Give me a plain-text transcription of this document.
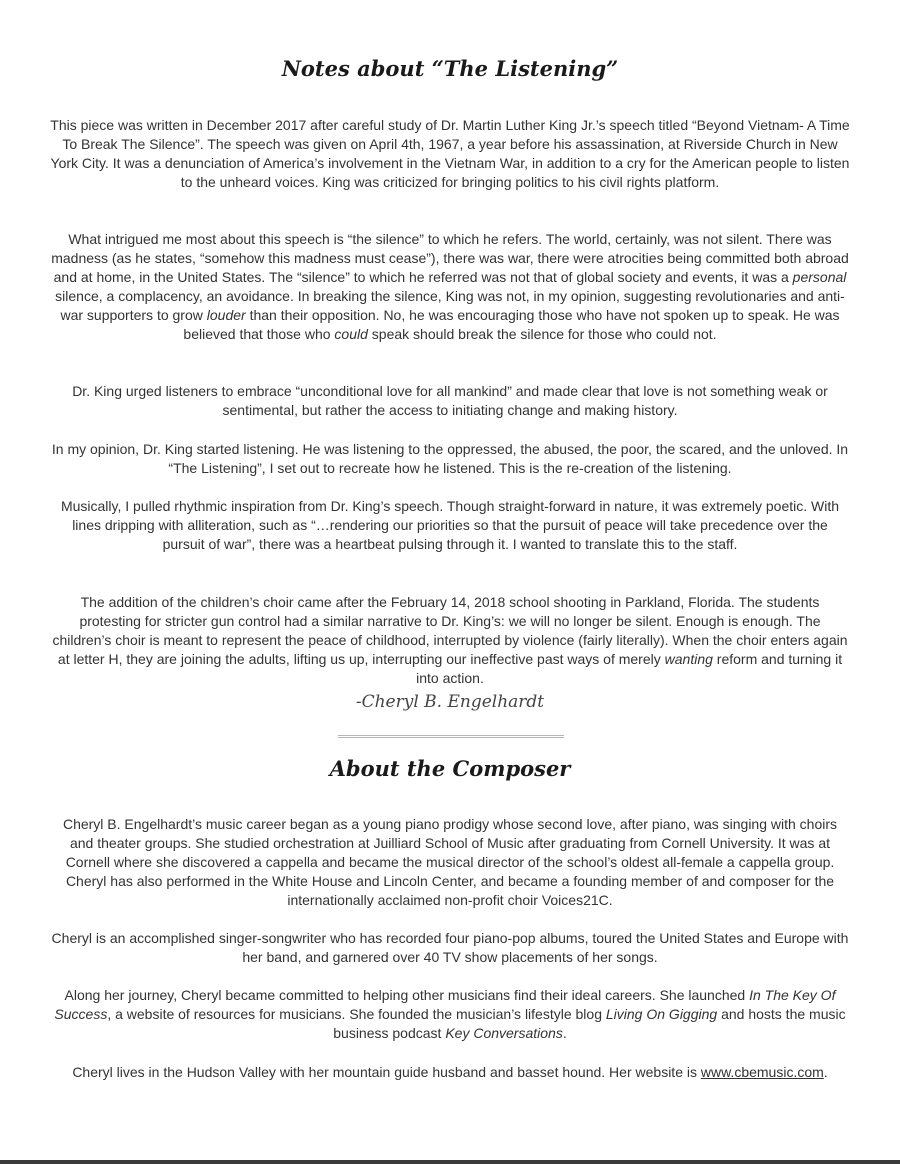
Notes about “The Listening”

This piece was written in December 2017 after careful study of Dr. Martin Luther King Jr.’s speech titled “Beyond Vietnam- A Time To Break The Silence”. The speech was given on April 4th, 1967, a year before his assassination, at Riverside Church in New York City. It was a denunciation of America’s involvement in the Vietnam War, in addition to a cry for the American people to listen to the unheard voices. King was criticized for bringing politics to his civil rights platform.

What intrigued me most about this speech is “the silence” to which he refers. The world, certainly, was not silent. There was madness (as he states, “somehow this madness must cease”), there was war, there were atrocities being committed both abroad and at home, in the United States. The “silence” to which he referred was not that of global society and events, it was a personal silence, a complacency, an avoidance. In breaking the silence, King was not, in my opinion, suggesting revolutionaries and anti-war supporters to grow louder than their opposition. No, he was encouraging those who have not spoken up to speak. He was believed that those who could speak should break the silence for those who could not.

Dr. King urged listeners to embrace “unconditional love for all mankind” and made clear that love is not something weak or sentimental, but rather the access to initiating change and making history.

In my opinion, Dr. King started listening. He was listening to the oppressed, the abused, the poor, the scared, and the unloved. In “The Listening”, I set out to recreate how he listened. This is the re-creation of the listening.

Musically, I pulled rhythmic inspiration from Dr. King’s speech. Though straight-forward in nature, it was extremely poetic. With lines dripping with alliteration, such as “…rendering our priorities so that the pursuit of peace will take precedence over the pursuit of war”, there was a heartbeat pulsing through it. I wanted to translate this to the staff.

The addition of the children’s choir came after the February 14, 2018 school shooting in Parkland, Florida. The students protesting for stricter gun control had a similar narrative to Dr. King’s: we will no longer be silent. Enough is enough. The children’s choir is meant to represent the peace of childhood, interrupted by violence (fairly literally). When the choir enters again at letter H, they are joining the adults, lifting us up, interrupting our ineffective past ways of merely wanting reform and turning it into action.

-Cheryl B. Engelhardt
About the Composer

Cheryl B. Engelhardt’s music career began as a young piano prodigy whose second love, after piano, was singing with choirs and theater groups. She studied orchestration at Juilliard School of Music after graduating from Cornell University. It was at Cornell where she discovered a cappella and became the musical director of the school’s oldest all-female a cappella group. Cheryl has also performed in the White House and Lincoln Center, and became a founding member of and composer for the internationally acclaimed non-profit choir Voices21C.

Cheryl is an accomplished singer-songwriter who has recorded four piano-pop albums, toured the United States and Europe with her band, and garnered over 40 TV show placements of her songs.

Along her journey, Cheryl became committed to helping other musicians find their ideal careers. She launched In The Key Of Success, a website of resources for musicians. She founded the musician’s lifestyle blog Living On Gigging and hosts the music business podcast Key Conversations.

Cheryl lives in the Hudson Valley with her mountain guide husband and basset hound. Her website is www.cbemusic.com.
